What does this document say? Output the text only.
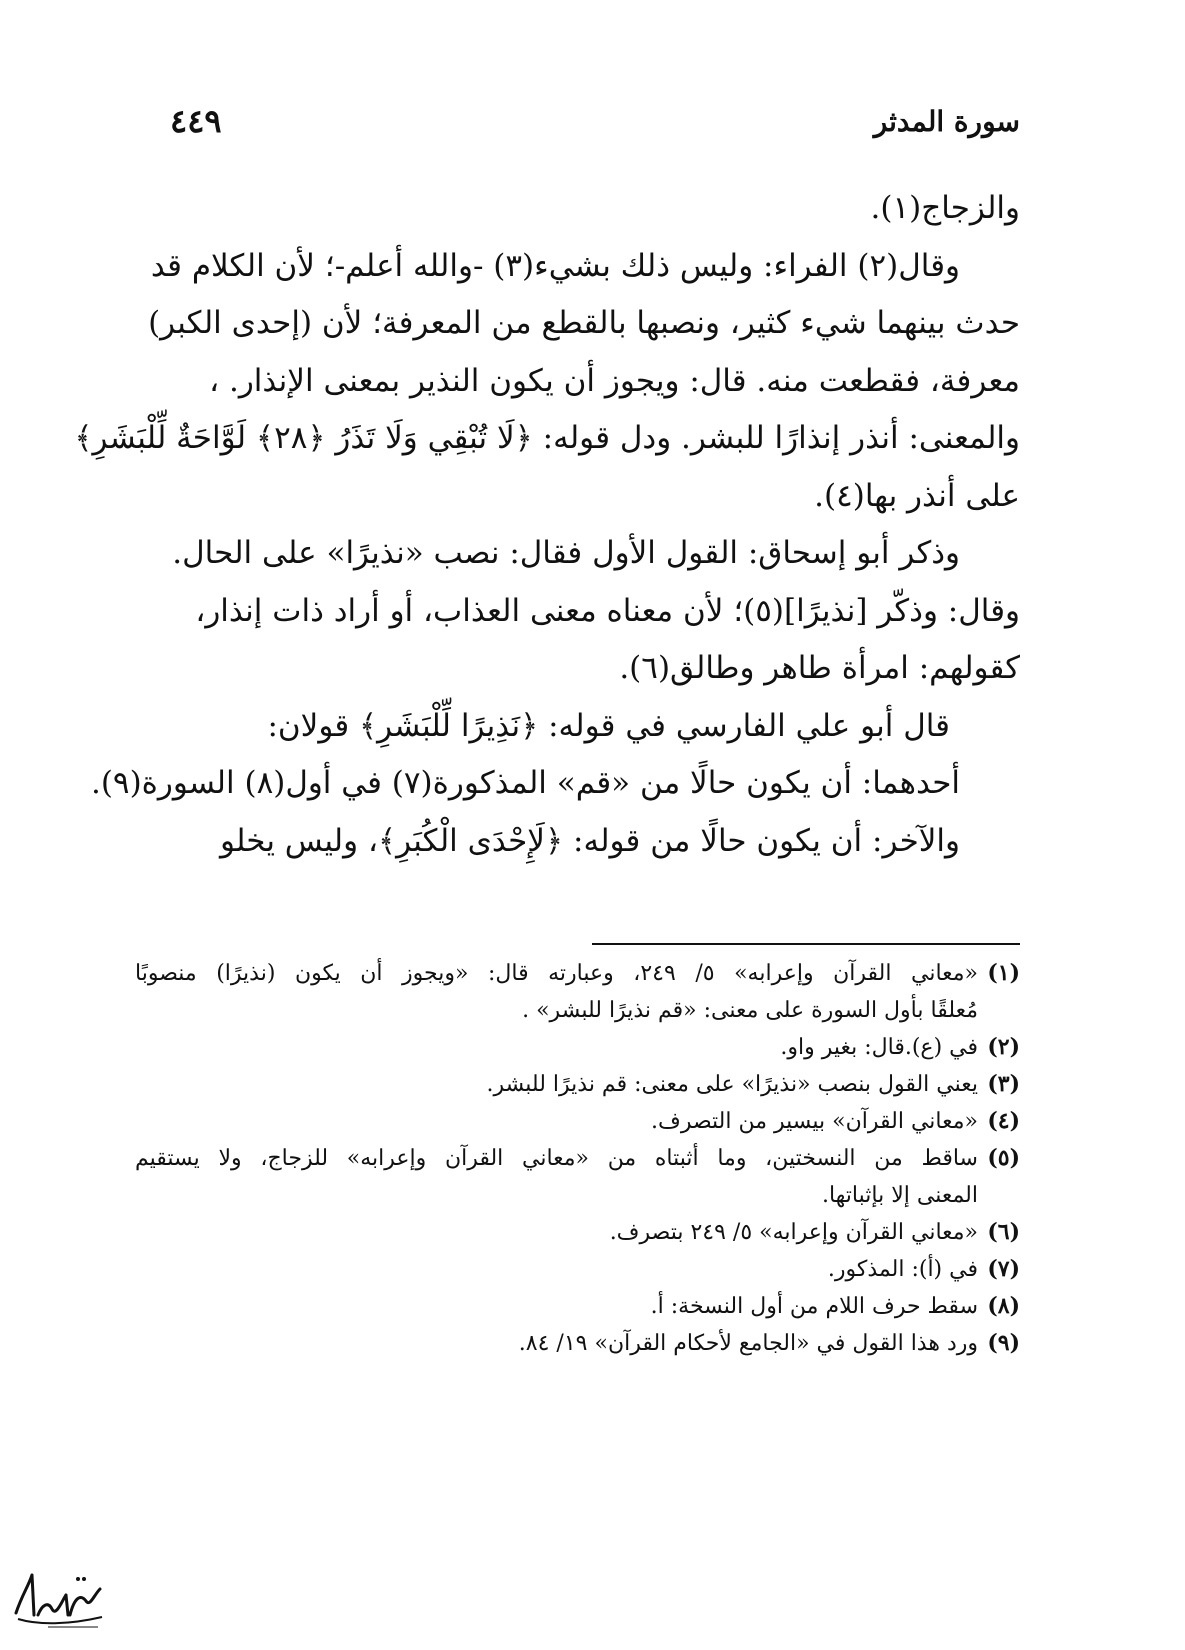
سورة المدثر
٤٤٩
والزجاج(١).
وقال(٢) الفراء: وليس ذلك بشيء(٣) -والله أعلم-؛ لأن الكلام قد
حدث بينهما شيء كثير، ونصبها بالقطع من المعرفة؛ لأن (إحدى الكبر)
معرفة، فقطعت منه. قال: ويجوز أن يكون النذير بمعنى الإنذار. ،
والمعنى: أنذر إنذارًا للبشر. ودل قوله: ﴿لَا تُبْقِي وَلَا تَذَرُ ﴿٢٨﴾ لَوَّاحَةٌ لِّلْبَشَرِ﴾
على أنذر بها(٤).
وذكر أبو إسحاق: القول الأول فقال: نصب «نذيرًا» على الحال.
وقال: وذكّر [نذيرًا](٥)؛ لأن معناه معنى العذاب، أو أراد ذات إنذار،
كقولهم: امرأة طاهر وطالق(٦).
قال أبو علي الفارسي في قوله: ﴿نَذِيرًا لِّلْبَشَرِ﴾ قولان:
أحدهما: أن يكون حالًا من «قم» المذكورة(٧) في أول(٨) السورة(٩).
والآخر: أن يكون حالًا من قوله: ﴿لَإِحْدَى الْكُبَرِ﴾، وليس يخلو
(١)
«معاني القرآن وإعرابه» ٥/ ٢٤٩، وعبارته قال: «ويجوز أن يكون (نذيرًا) منصوبًا
مُعلقًا بأول السورة على معنى: «قم نذيرًا للبشر» .
(٢)
في (ع).قال: بغير واو.
(٣)
يعني القول بنصب «نذيرًا» على معنى: قم نذيرًا للبشر.
(٤)
«معاني القرآن» بيسير من التصرف.
(٥)
ساقط من النسختين، وما أثبتاه من «معاني القرآن وإعرابه» للزجاج، ولا يستقيم
المعنى إلا بإثباتها.
(٦)
«معاني القرآن وإعرابه» ٥/ ٢٤٩ بتصرف.
(٧)
في (أ): المذكور.
(٨)
سقط حرف اللام من أول النسخة: أ.
(٩)
ورد هذا القول في «الجامع لأحكام القرآن» ١٩/ ٨٤.
